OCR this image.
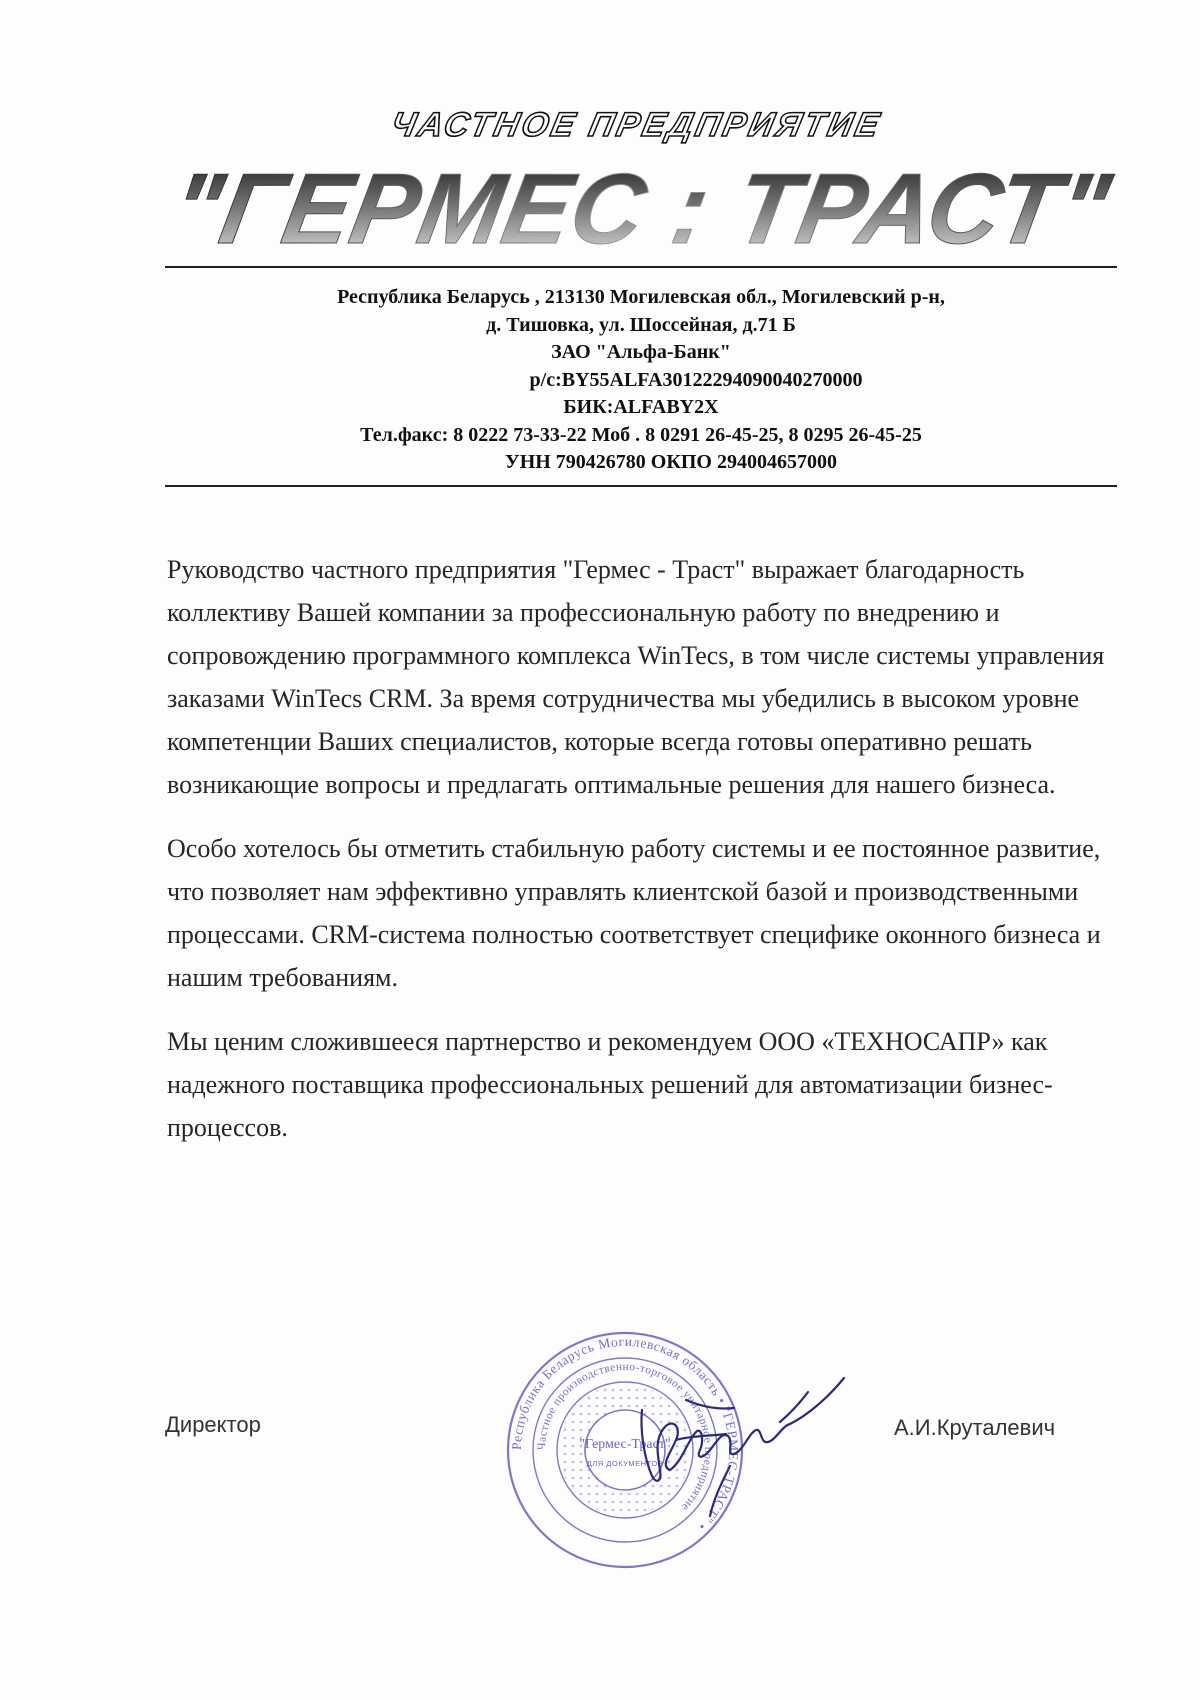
ЧАСТНОЕ ПРЕДПРИЯТИЕ
"ГЕРМЕС : ТРАСТ"
Республика Беларусь , 213130 Могилевская обл., Могилевский р-н,
д. Тишовка, ул. Шоссейная, д.71 Б
ЗАО "Альфа-Банк"
р/с:BY55ALFA30122294090040270000
БИК:ALFABY2X
Тел.факс: 8 0222 73-33-22 Моб . 8 0291 26-45-25, 8 0295 26-45-25
УНН 790426780 ОКПО 294004657000

Руководство частного предприятия "Гермес - Траст" выражает благодарность коллективу Вашей компании за профессиональную работу по внедрению и сопровождению программного комплекса WinTecs, в том числе системы управления заказами WinTecs CRM. За время сотрудничества мы убедились в высоком уровне компетенции Ваших специалистов, которые всегда готовы оперативно решать возникающие вопросы и предлагать оптимальные решения для нашего бизнеса.

Особо хотелось бы отметить стабильную работу системы и ее постоянное развитие, что позволяет нам эффективно управлять клиентской базой и производственными процессами. CRM-система полностью соответствует специфике оконного бизнеса и нашим требованиям.

Мы ценим сложившееся партнерство и рекомендуем ООО «ТЕХНОСАПР» как надежного поставщика профессиональных решений для автоматизации бизнес-процессов.

Директор
Республика Беларусь Могилевская область • "ГЕРМЕС-ТРАСТ" •
Частное производственно-торговое унитарное предприятие
"Гермес-Траст"
ДЛЯ ДОКУМЕНТОВ
А.И.Круталевич
